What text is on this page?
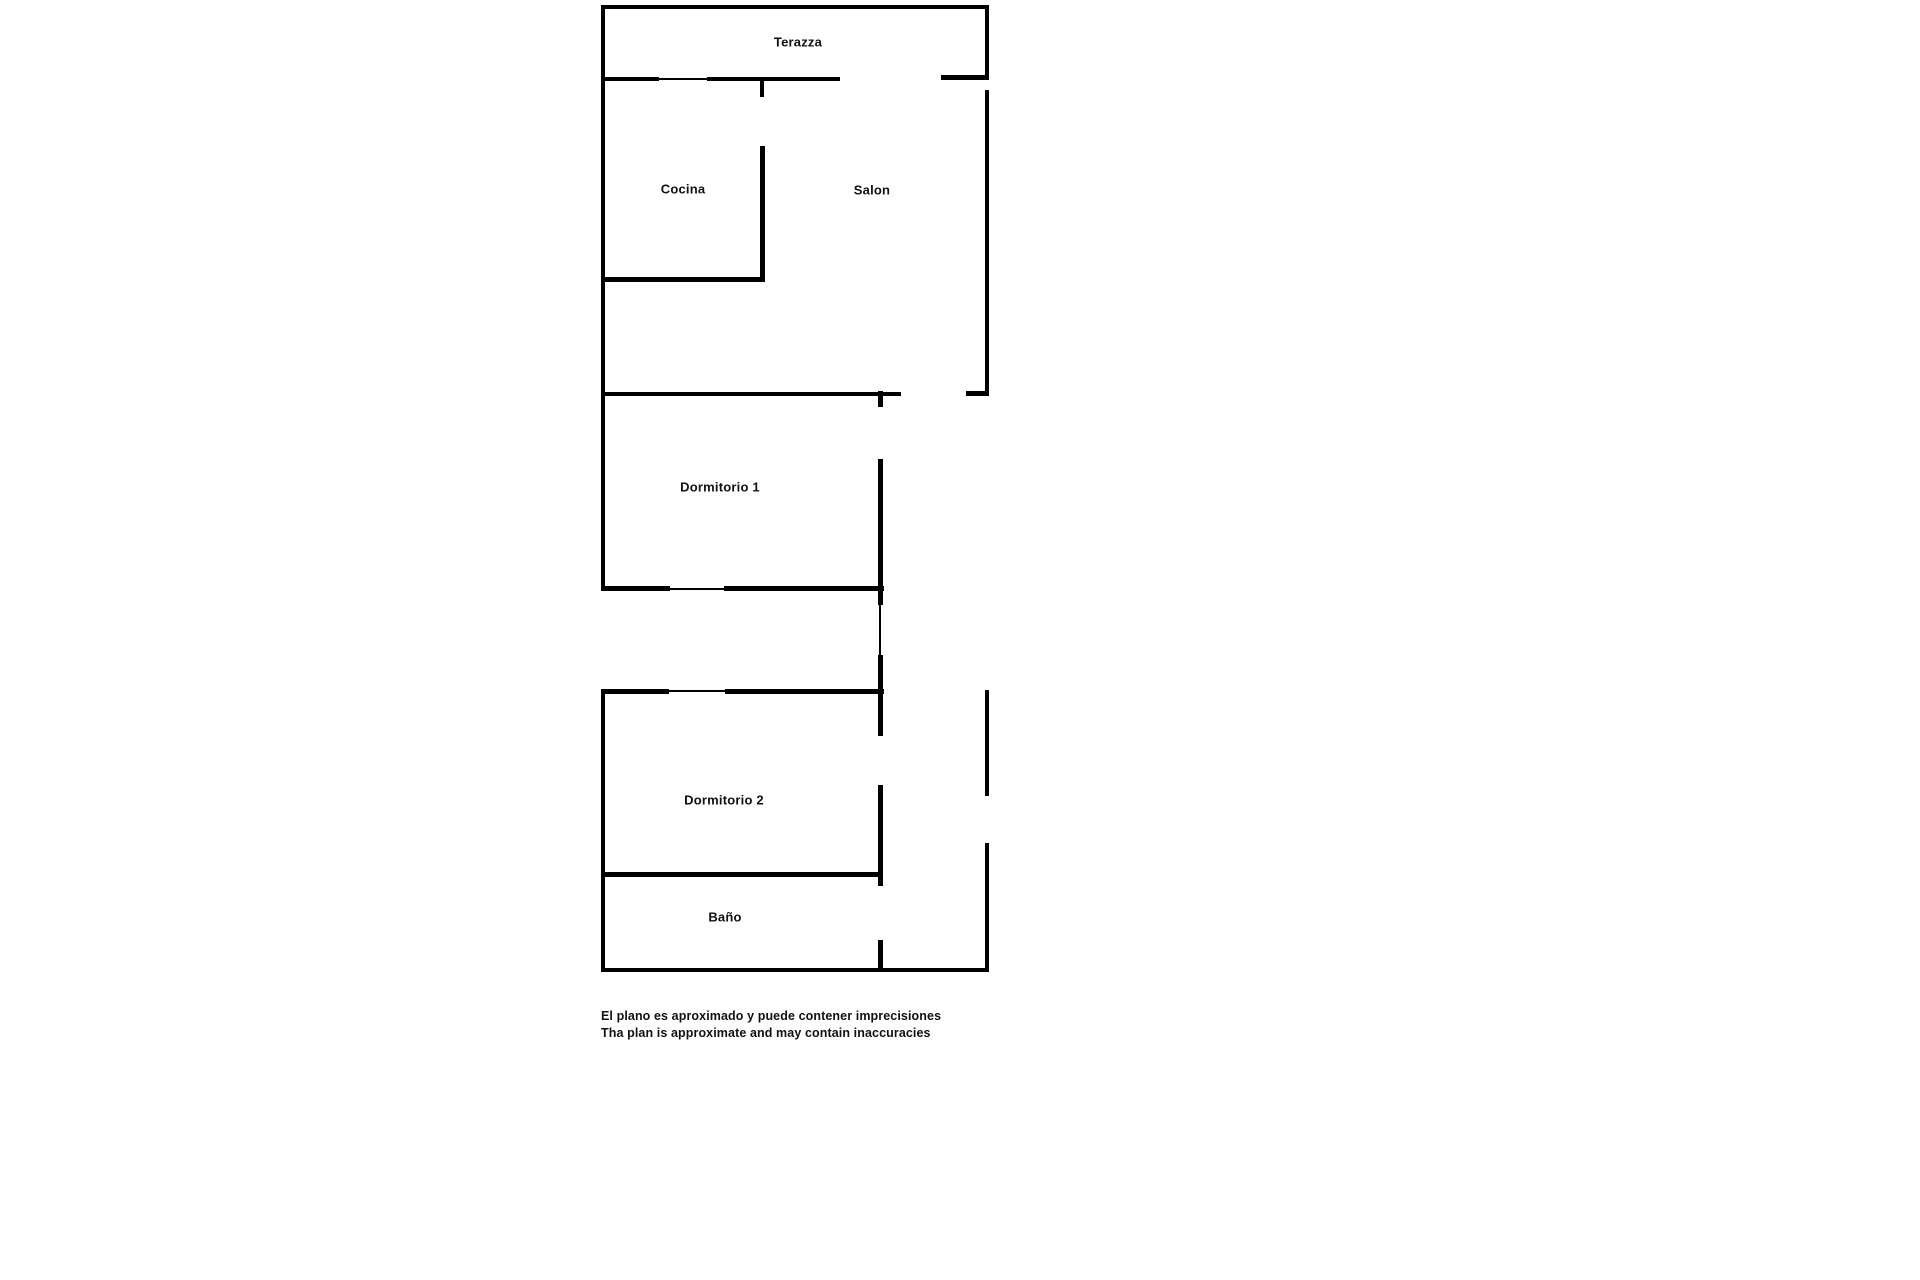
Terazza
Cocina	Salon
Dormitorio 1
Dormitorio 2
Baño
El plano es aproximado y puede contener imprecisiones
Tha plan is approximate and may contain inaccuracies
